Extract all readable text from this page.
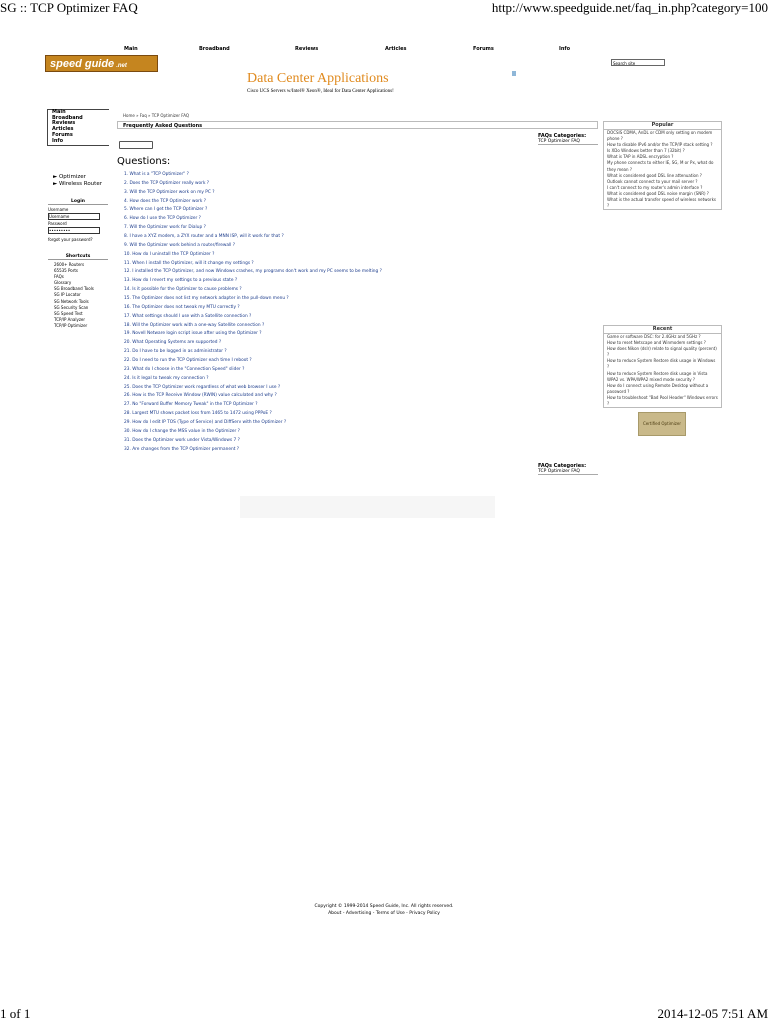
SG :: TCP Optimizer FAQ	http://www.speedguide.net/faq_in.php?category=100
Main	Broadband	Reviews	Articles	Forums	Info
speed guide .net	Search site
Data Center Applications
Cisco UCS Servers w/Intel® Xeon®, Ideal for Data Center Applications!
Main
Broadband
Reviews
Articles
Forums
Info
► Optimizer
► Wireless Router
Login
Username
Username
Password
•••••••••
forgot your password?
Shortcuts
2600+ Routers
65535 Ports
FAQs
Glossary
SG Broadband Tools
SG IP Locator
SG Network Tools
SG Security Scan
SG Speed Test
TCP/IP Analyzer
TCP/IP Optimizer
Home » Faq » TCP Optimizer FAQ
Frequently Asked Questions
FAQs Categories:
TCP Optimizer FAQ
Questions:
1. What is a "TCP Optimizer" ?
2. Does the TCP Optimizer really work ?
3. Will the TCP Optimizer work on my PC ?
4. How does the TCP Optimizer work ?
5. Where can I get the TCP Optimizer ?
6. How do I use the TCP Optimizer ?
7. Will the Optimizer work for Dialup ?
8. I have a XYZ modem, a ZYX router and a MNN ISP, will it work for that ?
9. Will the Optimizer work behind a router/firewall ?
10. How do I uninstall the TCP Optimizer ?
11. When I install the Optimizer, will it change my settings ?
12. I installed the TCP Optimizer, and now Windows crashes, my programs don't work and my PC seems to be melting ?
13. How do I revert my settings to a previous state ?
14. Is it possible for the Optimizer to cause problems ?
15. The Optimizer does not list my network adapter in the pull-down menu ?
16. The Optimizer does not tweak my MTU correctly ?
17. What settings should I use with a Satellite connection ?
18. Will the Optimizer work with a one-way Satellite connection ?
19. Novell Netware login script issue after using the Optimizer ?
20. What Operating Systems are supported ?
21. Do I have to be logged in as administrator ?
22. Do I need to run the TCP Optimizer each time I reboot ?
23. What do I choose in the "Connection Speed" slider ?
24. Is it legal to tweak my connection ?
25. Does the TCP Optimizer work regardless of what web browser I use ?
26. How is the TCP Receive Window (RWIN) value calculated and why ?
27. No "Forward Buffer Memory Tweak" in the TCP Optimizer ?
28. Largest MTU shows packet loss from 1465 to 1472 using PPPoE ?
29. How do I edit IP TOS (Type of Service) and DiffServ with the Optimizer ?
30. How do I change the MSS value in the Optimizer ?
31. Does the Optimizer work under Vista/Windows 7 ?
32. Are changes from the TCP Optimizer permanent ?
FAQs Categories:
TCP Optimizer FAQ
Popular
DOCSIS CDMA, AnDL or CDM only setting on modem phone ?
How to disable IPv6 and/or the TCP/IP stack setting ?
Is XDo Windows better than 7 (32bit) ?
What is TAP in ADSL encryption ?
My phone connects to either IE, SG, M or Px, what do they mean ?
What is considered good DSL line attenuation ?
Outlook cannot connect to your mail server ?
I can't connect to my router's admin interface ?
What is considered good DSL noise margin (SNR) ?
What is the actual transfer speed of wireless networks ?
Recent
Game or software DSC: for 2.4GHz and 5GHz ?
How to reset Netscape and Winmodem settings ?
How does Nikon (dslr) relate to signal quality (percent) ?
How to reduce System Restore disk usage in Windows ?
How to reduce System Restore disk usage in Vista
WPA2 vs. WPA/WPA2 mixed mode security ?
How do I connect using Remote Desktop without a password ?
How to troubleshoot "Bad Pool Header" Windows errors ?
Certified Optimizer
Copyright © 1999-2014 Speed Guide, Inc. All rights reserved.
About - Advertising - Terms of Use - Privacy Policy
1 of 1	2014-12-05 7:51 AM
